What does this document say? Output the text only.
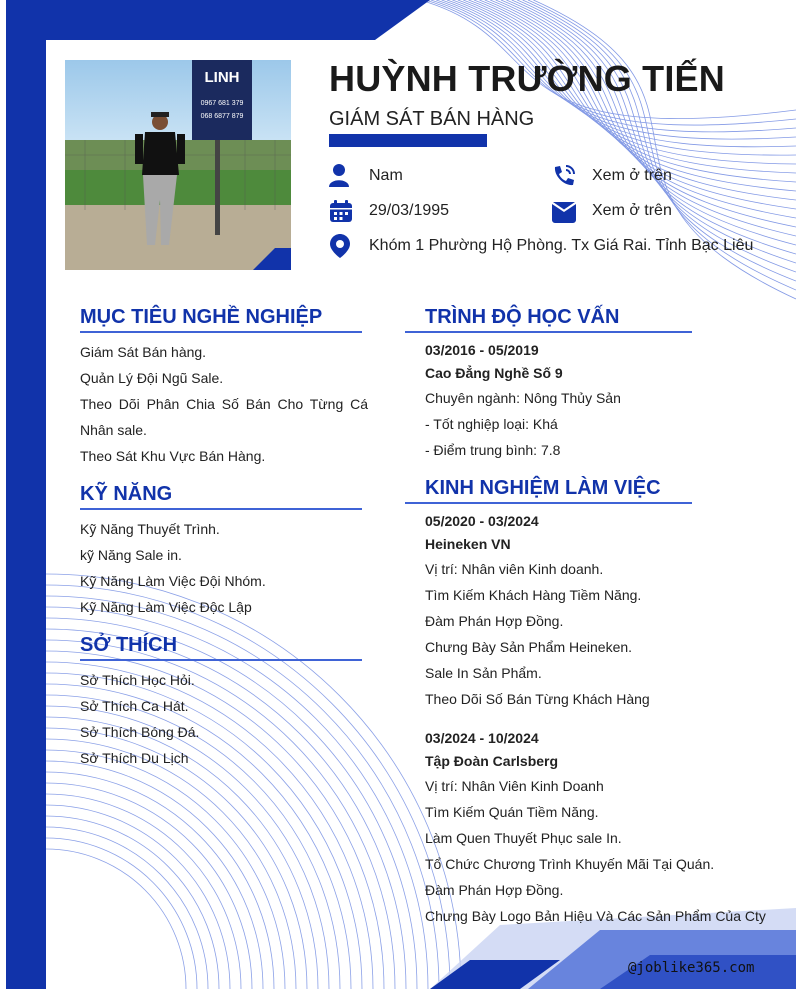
LINH
0967 681 379
068 6877 879
HUỲNH TRƯỜNG TIẾN
GIÁM SÁT BÁN HÀNG
Nam	Xem ở trên
29/03/1995	Xem ở trên
Khóm 1 Phường Hộ Phòng. Tx Giá Rai. Tỉnh Bạc Liêu
MỤC TIÊU NGHỀ NGHIỆP
Giám Sát Bán hàng.
Quản Lý Đội Ngũ Sale.
Theo Dõi Phân Chia Số Bán Cho Từng Cá Nhân sale.
Theo Sát Khu Vực Bán Hàng.
KỸ NĂNG
Kỹ Năng Thuyết Trình.
kỹ Năng Sale in.
Kỹ Năng Làm Việc Đội Nhóm.
Kỹ Năng Làm Việc Độc Lập
SỞ THÍCH
Sở Thích Học Hỏi.
Sở Thích Ca Hát.
Sở Thích Bóng Đá.
Sở Thích Du Lịch
TRÌNH ĐỘ HỌC VẤN
03/2016 - 05/2019
Cao Đẳng Nghề Số 9
Chuyên ngành: Nông Thủy Sản
- Tốt nghiệp loại: Khá
- Điểm trung bình: 7.8
KINH NGHIỆM LÀM VIỆC
05/2020 - 03/2024
Heineken VN
Vị trí: Nhân viên Kinh doanh.
Tìm Kiếm Khách Hàng Tiềm Năng.
Đàm Phán Hợp Đồng.
Chưng Bày Sản Phẩm Heineken.
Sale In Sản Phẩm.
Theo Dõi Số Bán Từng Khách Hàng
03/2024 - 10/2024
Tập Đoàn Carlsberg
Vị trí: Nhân Viên Kinh Doanh
Tìm Kiếm Quán Tiềm Năng.
Làm Quen Thuyết Phục sale In.
Tổ Chức Chương Trình Khuyến Mãi Tại Quán.
Đàm Phán Hợp Đồng.
Chưng Bày Logo Bản Hiệu Và Các Sản Phẩm Của Cty
@joblike365.com
